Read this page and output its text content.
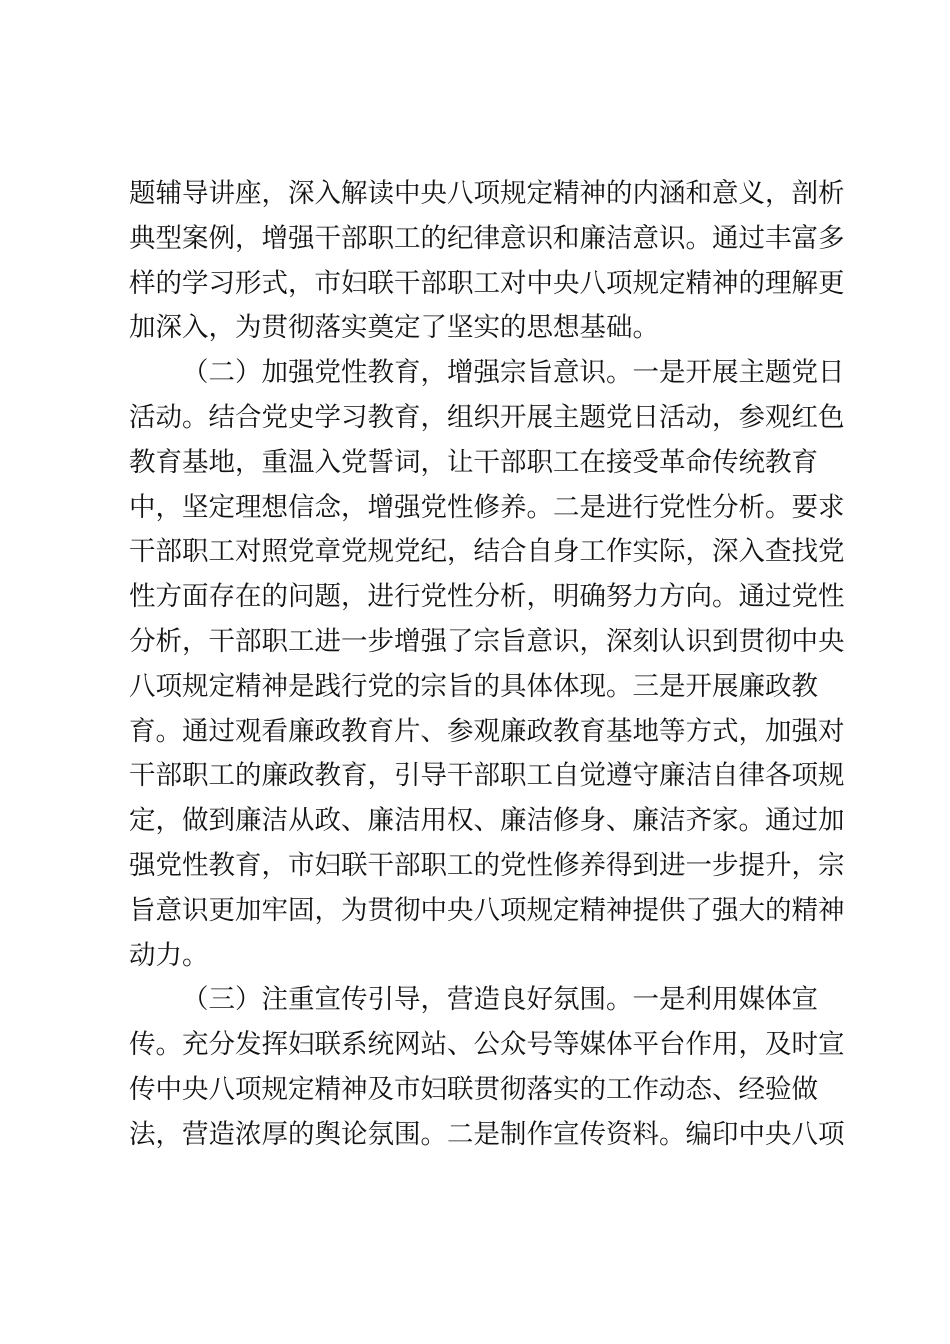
题辅导讲座，深入解读中央八项规定精神的内涵和意义，剖析
典型案例，增强干部职工的纪律意识和廉洁意识。通过丰富多
样的学习形式，市妇联干部职工对中央八项规定精神的理解更
加深入，为贯彻落实奠定了坚实的思想基础。
（二）加强党性教育，增强宗旨意识。一是开展主题党日
活动。结合党史学习教育，组织开展主题党日活动，参观红色
教育基地，重温入党誓词，让干部职工在接受革命传统教育
中，坚定理想信念，增强党性修养。二是进行党性分析。要求
干部职工对照党章党规党纪，结合自身工作实际，深入查找党
性方面存在的问题，进行党性分析，明确努力方向。通过党性
分析，干部职工进一步增强了宗旨意识，深刻认识到贯彻中央
八项规定精神是践行党的宗旨的具体体现。三是开展廉政教
育。通过观看廉政教育片、参观廉政教育基地等方式，加强对
干部职工的廉政教育，引导干部职工自觉遵守廉洁自律各项规
定，做到廉洁从政、廉洁用权、廉洁修身、廉洁齐家。通过加
强党性教育，市妇联干部职工的党性修养得到进一步提升，宗
旨意识更加牢固，为贯彻中央八项规定精神提供了强大的精神
动力。
（三）注重宣传引导，营造良好氛围。一是利用媒体宣
传。充分发挥妇联系统网站、公众号等媒体平台作用，及时宣
传中央八项规定精神及市妇联贯彻落实的工作动态、经验做
法，营造浓厚的舆论氛围。二是制作宣传资料。编印中央八项
